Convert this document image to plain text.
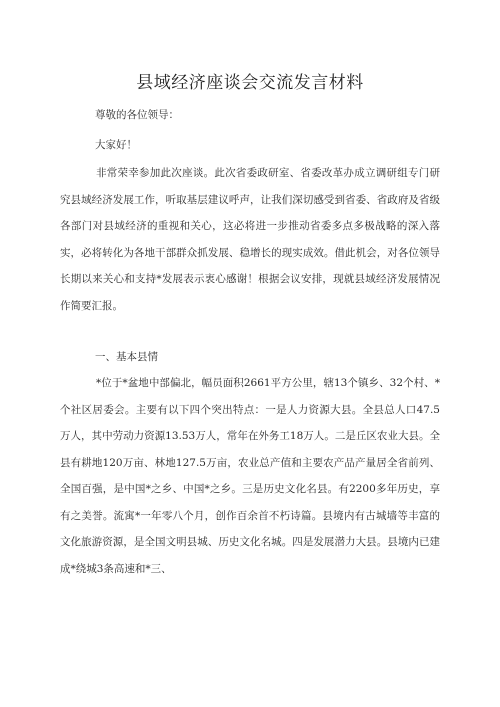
县域经济座谈会交流发言材料
尊敬的各位领导：
大家好！

非常荣幸参加此次座谈。此次省委政研室、省委改革办成立调研组专门研究县域经济发展工作，听取基层建议呼声，让我们深切感受到省委、省政府及省级各部门对县域经济的重视和关心，这必将进一步推动省委多点多极战略的深入落实，必将转化为各地干部群众抓发展、稳增长的现实成效。借此机会，对各位领导长期以来关心和支持*发展表示衷心感谢！根据会议安排，现就县域经济发展情况作简要汇报。

一、基本县情

*位于*盆地中部偏北，幅员面积2661平方公里，辖13个镇乡、32个村、*个社区居委会。主要有以下四个突出特点：一是人力资源大县。全县总人口47.5万人，其中劳动力资源13.53万人，常年在外务工18万人。二是丘区农业大县。全县有耕地120万亩、林地127.5万亩，农业总产值和主要农产品产量居全省前列、全国百强，是中国*之乡、中国*之乡。三是历史文化名县。有2200多年历史，享有之美誉。流寓*一年零八个月，创作百余首不朽诗篇。县境内有古城墙等丰富的文化旅游资源，是全国文明县城、历史文化名城。四是发展潜力大县。县境内已建成*绕城3条高速和*三、
